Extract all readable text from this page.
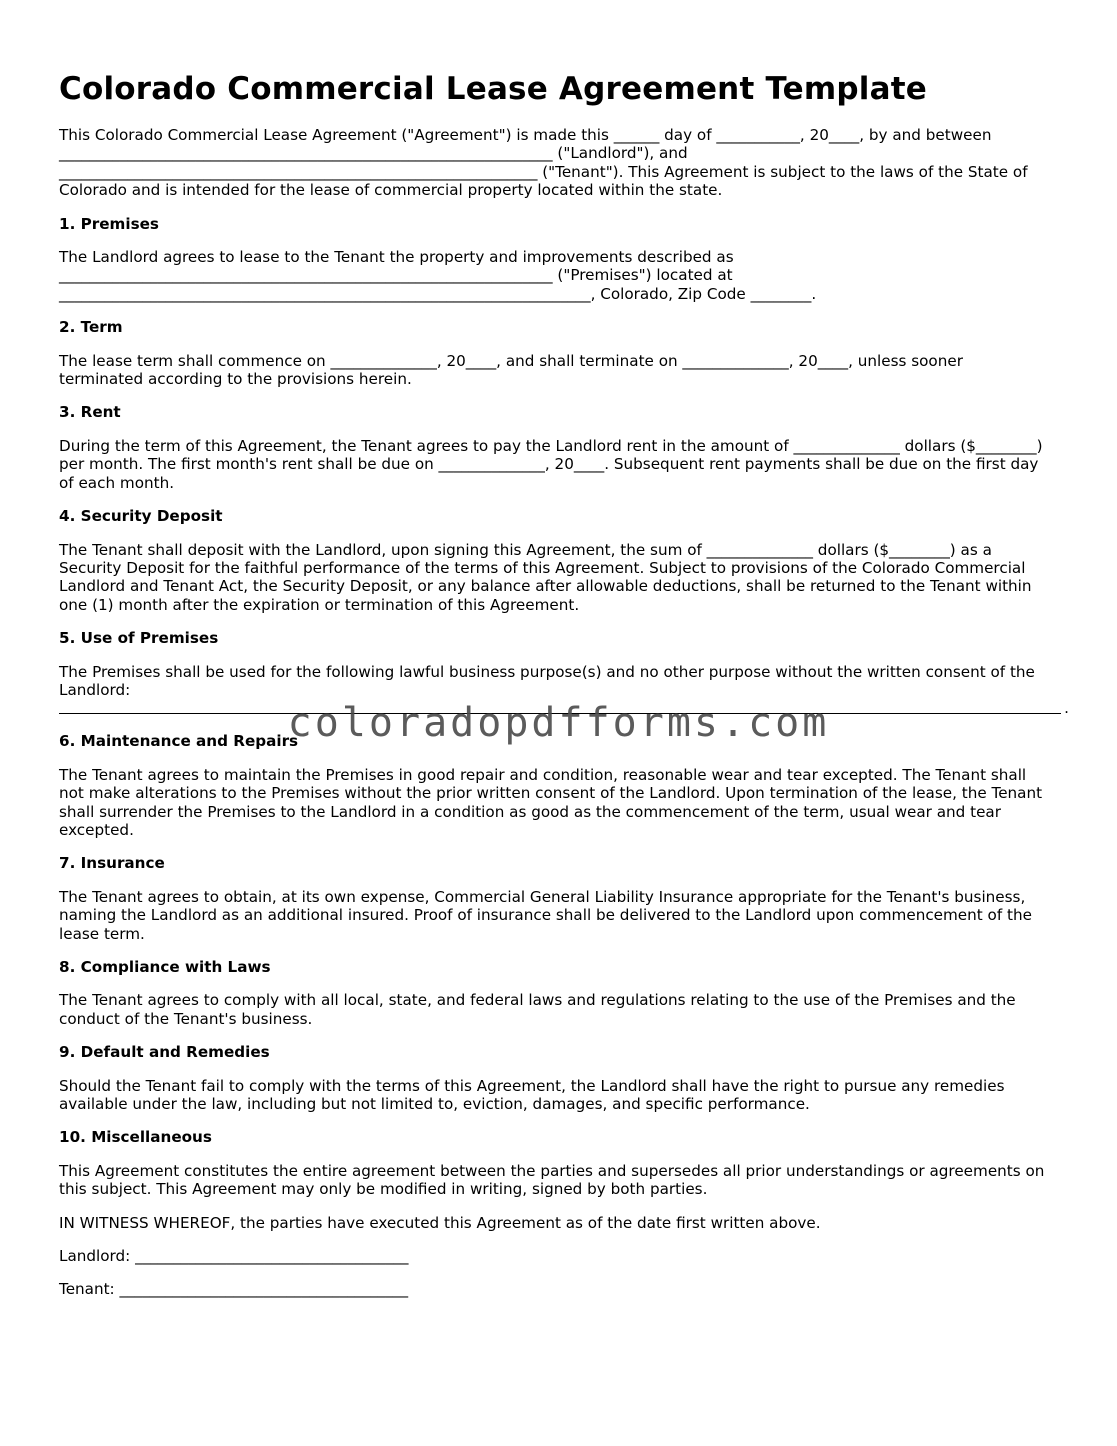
Colorado Commercial Lease Agreement Template

This Colorado Commercial Lease Agreement ("Agreement") is made this ______ day of ___________, 20____, by and between
_________________________________________________________________ ("Landlord"), and
_______________________________________________________________ ("Tenant"). This Agreement is subject to the laws of the State of
Colorado and is intended for the lease of commercial property located within the state.

1. Premises

The Landlord agrees to lease to the Tenant the property and improvements described as
_________________________________________________________________ ("Premises") located at
______________________________________________________________________, Colorado, Zip Code ________.

2. Term

The lease term shall commence on ______________, 20____, and shall terminate on ______________, 20____, unless sooner
terminated according to the provisions herein.

3. Rent

During the term of this Agreement, the Tenant agrees to pay the Landlord rent in the amount of ______________ dollars ($________)
per month. The first month's rent shall be due on ______________, 20____. Subsequent rent payments shall be due on the first day
of each month.

4. Security Deposit

The Tenant shall deposit with the Landlord, upon signing this Agreement, the sum of ______________ dollars ($________) as a
Security Deposit for the faithful performance of the terms of this Agreement. Subject to provisions of the Colorado Commercial
Landlord and Tenant Act, the Security Deposit, or any balance after allowable deductions, shall be returned to the Tenant within
one (1) month after the expiration or termination of this Agreement.

5. Use of Premises

The Premises shall be used for the following lawful business purpose(s) and no other purpose without the written consent of the
Landlord:

.
6. Maintenance and Repairs

The Tenant agrees to maintain the Premises in good repair and condition, reasonable wear and tear excepted. The Tenant shall
not make alterations to the Premises without the prior written consent of the Landlord. Upon termination of the lease, the Tenant
shall surrender the Premises to the Landlord in a condition as good as the commencement of the term, usual wear and tear
excepted.

7. Insurance

The Tenant agrees to obtain, at its own expense, Commercial General Liability Insurance appropriate for the Tenant's business,
naming the Landlord as an additional insured. Proof of insurance shall be delivered to the Landlord upon commencement of the
lease term.

8. Compliance with Laws

The Tenant agrees to comply with all local, state, and federal laws and regulations relating to the use of the Premises and the
conduct of the Tenant's business.

9. Default and Remedies

Should the Tenant fail to comply with the terms of this Agreement, the Landlord shall have the right to pursue any remedies
available under the law, including but not limited to, eviction, damages, and specific performance.

10. Miscellaneous

This Agreement constitutes the entire agreement between the parties and supersedes all prior understandings or agreements on
this subject. This Agreement may only be modified in writing, signed by both parties.

IN WITNESS WHEREOF, the parties have executed this Agreement as of the date first written above.

Landlord: ____________________________________

Tenant: ______________________________________

coloradopdfforms.com
